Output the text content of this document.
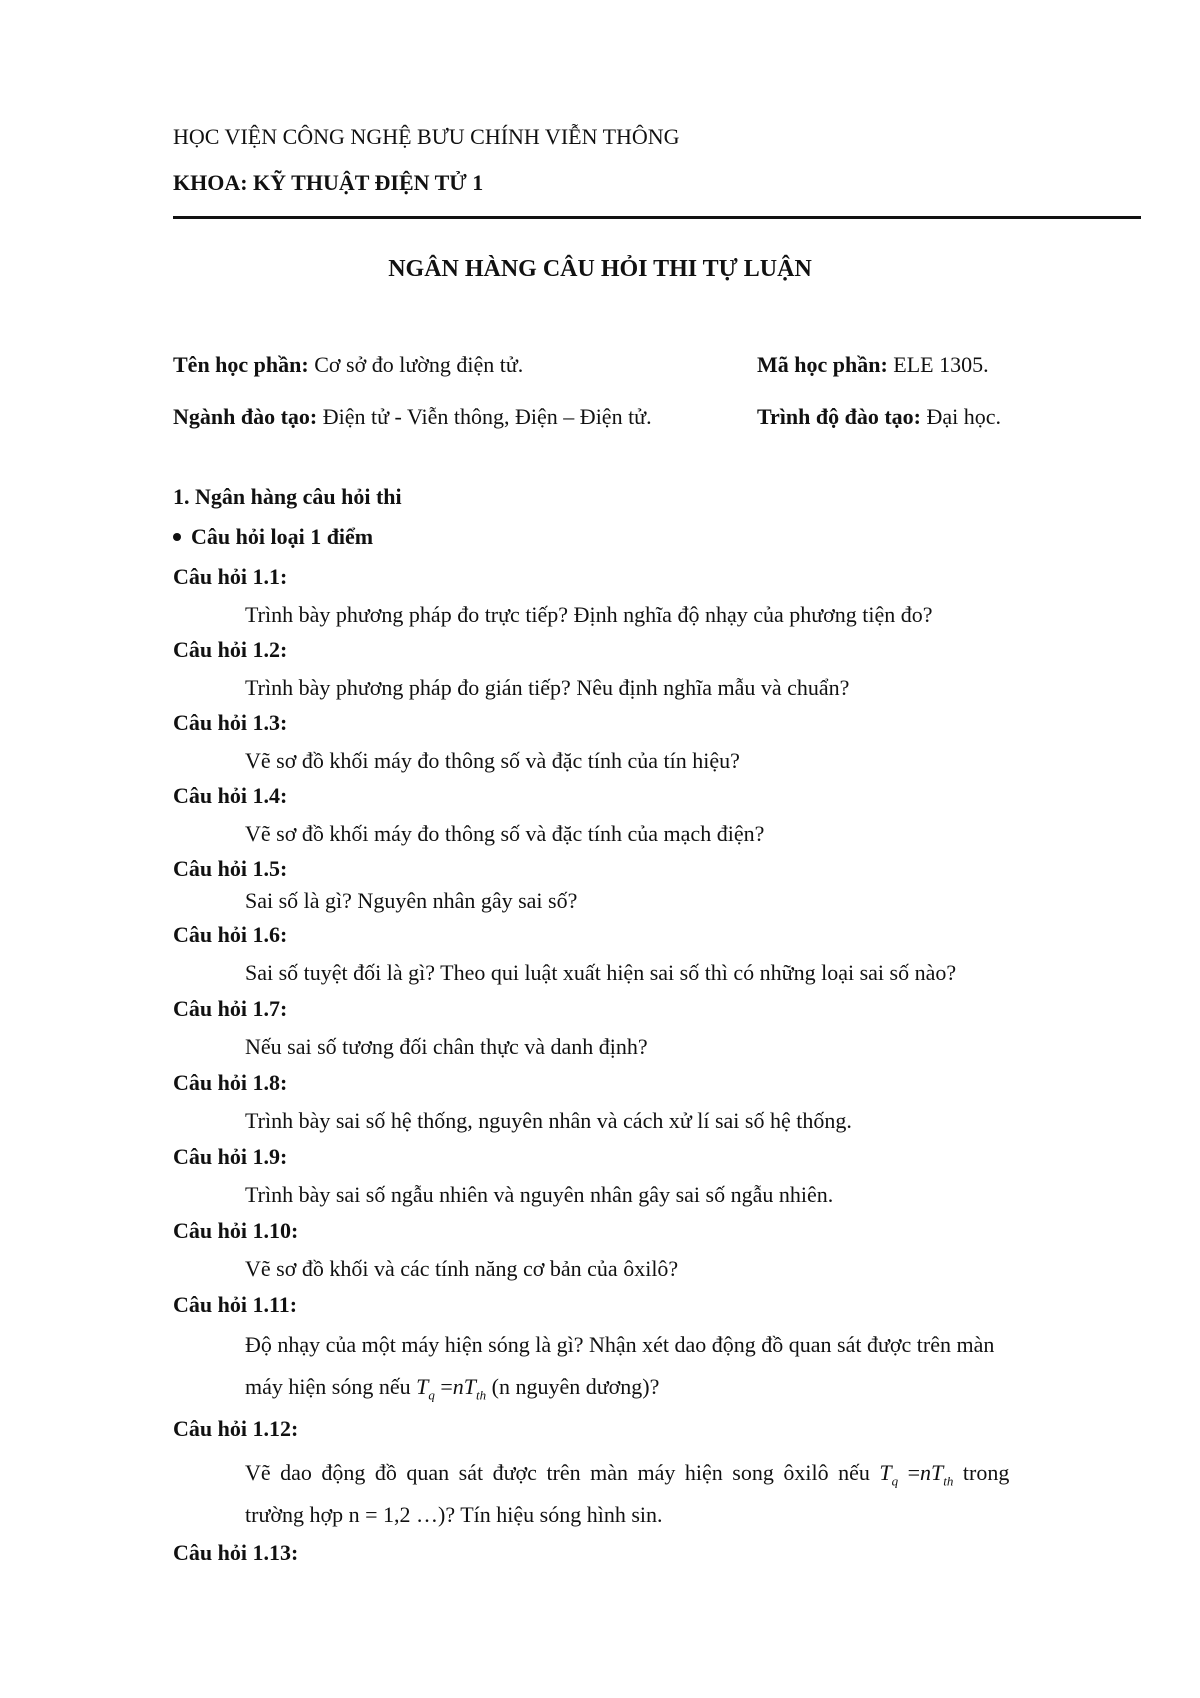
HỌC VIỆN CÔNG NGHỆ BƯU CHÍNH VIỄN THÔNG
KHOA: KỸ THUẬT ĐIỆN TỬ 1
NGÂN HÀNG CÂU HỎI THI TỰ LUẬN
Tên học phần: Cơ sở đo lường điện tử.	Mã học phần: ELE 1305.
Ngành đào tạo: Điện tử - Viễn thông, Điện – Điện tử.	Trình độ đào tạo: Đại học.
1. Ngân hàng câu hỏi thi
Câu hỏi loại 1 điểm
Câu hỏi 1.1:
Trình bày phương pháp đo trực tiếp? Định nghĩa độ nhạy của phương tiện đo?
Câu hỏi 1.2:
Trình bày phương pháp đo gián tiếp? Nêu định nghĩa mẫu và chuẩn?
Câu hỏi 1.3:
Vẽ sơ đồ khối máy đo thông số và đặc tính của tín hiệu?
Câu hỏi 1.4:
Vẽ sơ đồ khối máy đo thông số và đặc tính của mạch điện?
Câu hỏi 1.5:
Sai số là gì? Nguyên nhân gây sai số?
Câu hỏi 1.6:
Sai số tuyệt đối là gì? Theo qui luật xuất hiện sai số thì có những loại sai số nào?
Câu hỏi 1.7:
Nếu sai số tương đối chân thực và danh định?
Câu hỏi 1.8:
Trình bày sai số hệ thống, nguyên nhân và cách xử lí sai số hệ thống.
Câu hỏi 1.9:
Trình bày sai số ngẫu nhiên và nguyên nhân gây sai số ngẫu nhiên.
Câu hỏi 1.10:
Vẽ sơ đồ khối và các tính năng cơ bản của ôxilô?
Câu hỏi 1.11:
Độ nhạy của một máy hiện sóng là gì? Nhận xét dao động đồ quan sát được trên màn
máy hiện sóng nếu $T_q =nT_{th}$ (n nguyên dương)?
Câu hỏi 1.12:
Vẽ dao động đồ quan sát được trên màn máy hiện song ôxilô nếu $T_q =nT_{th}$ trong
trường hợp n = 1,2 …)? Tín hiệu sóng hình sin.
Câu hỏi 1.13:
